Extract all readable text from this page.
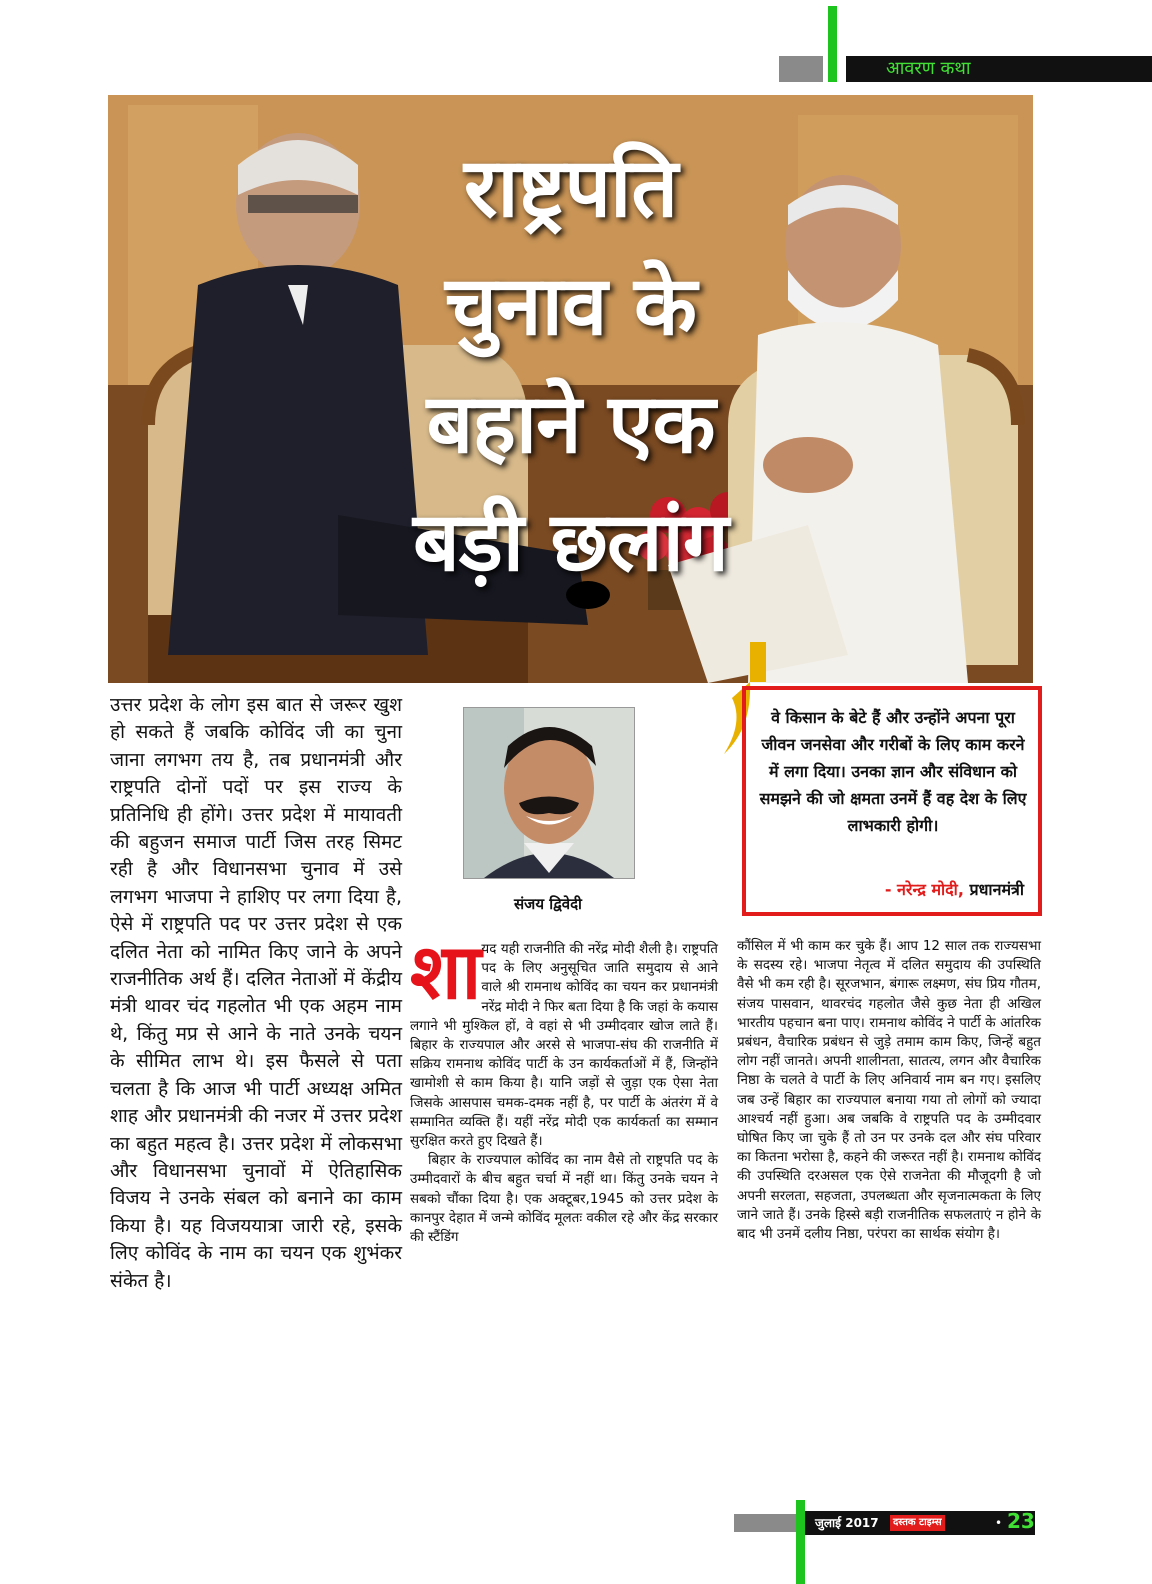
आवरण कथा
राष्ट्रपति
चुनाव के
बहाने एक
बड़ी छलांग
उत्तर प्रदेश के लोग इस बात से जरूर खुश हो सकते हैं जबकि कोविंद जी का चुना जाना लगभग तय है, तब प्रधानमंत्री और राष्ट्रपति दोनों पदों पर इस राज्य के प्रतिनिधि ही होंगे। उत्तर प्रदेश में मायावती की बहुजन समाज पार्टी जिस तरह सिमट रही है और विधानसभा चुनाव में उसे लगभग भाजपा ने हाशिए पर लगा दिया है, ऐसे में राष्ट्रपति पद पर उत्तर प्रदेश से एक दलित नेता को नामित किए जाने के अपने राजनीतिक अर्थ हैं। दलित नेताओं में केंद्रीय मंत्री थावर चंद गहलोत भी एक अहम नाम थे, किंतु मप्र से आने के नाते उनके चयन के सीमित लाभ थे। इस फैसले से पता चलता है कि आज भी पार्टी अध्यक्ष अमित शाह और प्रधानमंत्री की नजर में उत्तर प्रदेश का बहुत महत्व है। उत्तर प्रदेश में लोकसभा और विधानसभा चुनावों में ऐतिहासिक विजय ने उनके संबल को बनाने का काम किया है। यह विजययात्रा जारी रहे, इसके लिए कोविंद के नाम का चयन एक शुभंकर संकेत है।
संजय द्विवेदी
वे किसान के बेटे हैं और उन्होंने अपना पूरा जीवन जनसेवा और गरीबों के लिए काम करने में लगा दिया। उनका ज्ञान और संविधान को समझने की जो क्षमता उनमें हैं वह देश के लिए लाभकारी होगी।
- नरेन्द्र मोदी, प्रधानमंत्री
शा यद यही राजनीति की नरेंद्र मोदी शैली है। राष्ट्रपति पद के लिए अनुसूचित जाति समुदाय से आने वाले श्री रामनाथ कोविंद का चयन कर प्रधानमंत्री नरेंद्र मोदी ने फिर बता दिया है कि जहां के कयास लगाने भी मुश्किल हों, वे वहां से भी उम्मीदवार खोज लाते हैं। बिहार के राज्यपाल और अरसे से भाजपा-संघ की राजनीति में सक्रिय रामनाथ कोविंद पार्टी के उन कार्यकर्ताओं में हैं, जिन्होंने खामोशी से काम किया है। यानि जड़ों से जुड़ा एक ऐसा नेता जिसके आसपास चमक-दमक नहीं है, पर पार्टी के अंतरंग में वे सम्मानित व्यक्ति हैं। यहीं नरेंद्र मोदी एक कार्यकर्ता का सम्मान सुरक्षित करते हुए दिखते हैं।

बिहार के राज्यपाल कोविंद का नाम वैसे तो राष्ट्रपति पद के उम्मीदवारों के बीच बहुत चर्चा में नहीं था। किंतु उनके चयन ने सबको चौंका दिया है। एक अक्टूबर,1945 को उत्तर प्रदेश के कानपुर देहात में जन्मे कोविंद मूलतः वकील रहे और केंद्र सरकार की स्टैंडिंग

कौंसिल में भी काम कर चुके हैं। आप 12 साल तक राज्यसभा के सदस्य रहे। भाजपा नेतृत्व में दलित समुदाय की उपस्थिति वैसे भी कम रही है। सूरजभान, बंगारू लक्ष्मण, संघ प्रिय गौतम, संजय पासवान, थावरचंद गहलोत जैसे कुछ नेता ही अखिल भारतीय पहचान बना पाए। रामनाथ कोविंद ने पार्टी के आंतरिक प्रबंधन, वैचारिक प्रबंधन से जुड़े तमाम काम किए, जिन्हें बहुत लोग नहीं जानते। अपनी शालीनता, सातत्य, लगन और वैचारिक निष्ठा के चलते वे पार्टी के लिए अनिवार्य नाम बन गए। इसलिए जब उन्हें बिहार का राज्यपाल बनाया गया तो लोगों को ज्यादा आश्चर्य नहीं हुआ। अब जबकि वे राष्ट्रपति पद के उम्मीदवार घोषित किए जा चुके हैं तो उन पर उनके दल और संघ परिवार का कितना भरोसा है, कहने की जरूरत नहीं है। रामनाथ कोविंद की उपस्थिति दरअसल एक ऐसे राजनेता की मौजूदगी है जो अपनी सरलता, सहजता, उपलब्धता और सृजनात्मकता के लिए जाने जाते हैं। उनके हिस्से बड़ी राजनीतिक सफलताएं न होने के बाद भी उनमें दलीय निष्ठा, परंपरा का सार्थक संयोग है।

जुलाई 2017	दस्तक टाइम्स	• 23
